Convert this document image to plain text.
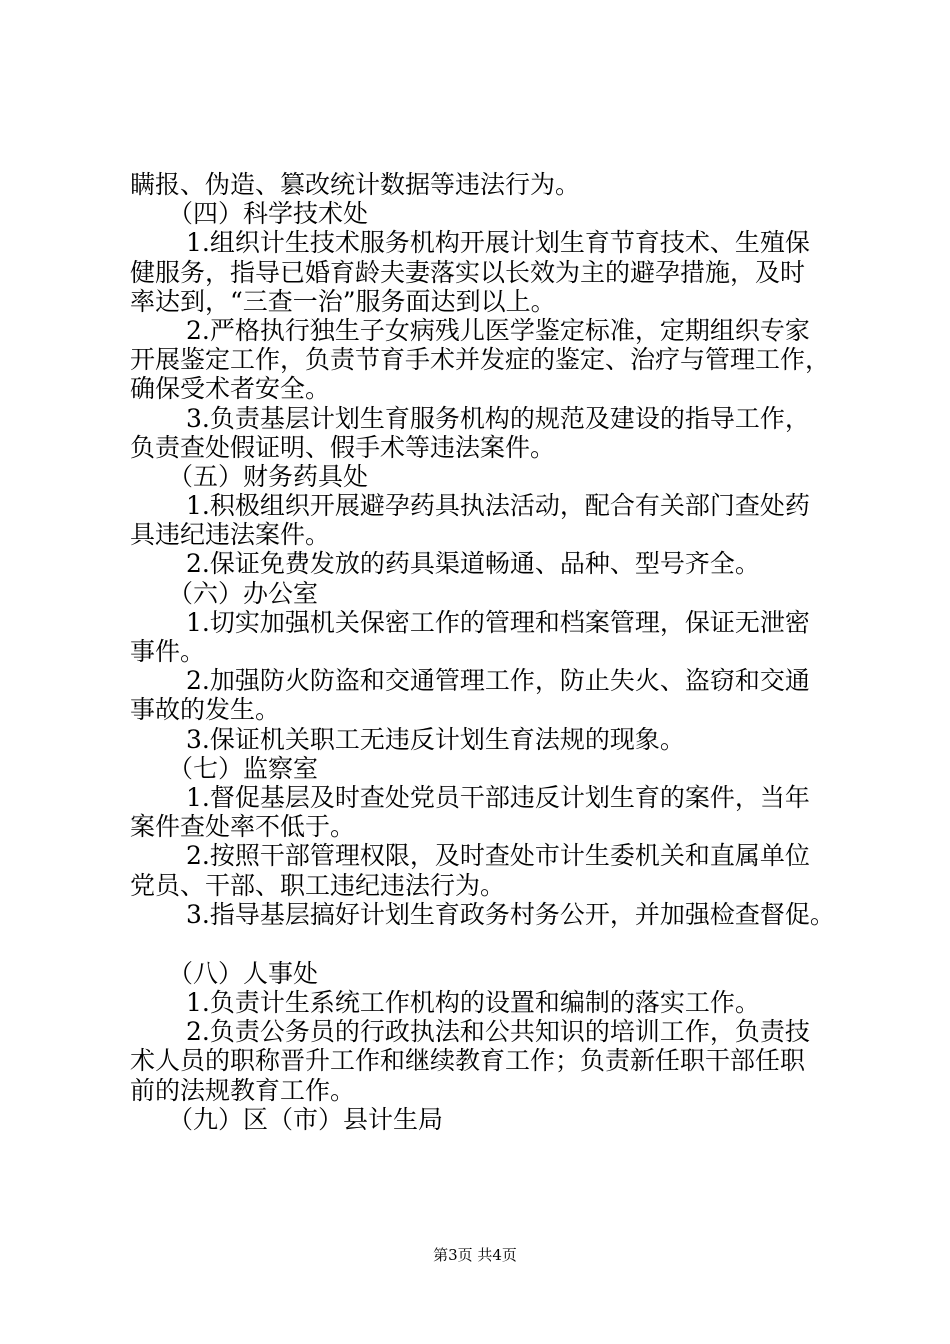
瞒报、伪造、篡改统计数据等违法行为。
（四）科学技术处
1.组织计生技术服务机构开展计划生育节育技术、生殖保
健服务，指导已婚育龄夫妻落实以长效为主的避孕措施，及时
率达到，“三查一治”服务面达到以上。
2.严格执行独生子女病残儿医学鉴定标准，定期组织专家
开展鉴定工作，负责节育手术并发症的鉴定、治疗与管理工作，
确保受术者安全。
3.负责基层计划生育服务机构的规范及建设的指导工作，
负责查处假证明、假手术等违法案件。
（五）财务药具处
1.积极组织开展避孕药具执法活动，配合有关部门查处药
具违纪违法案件。
2.保证免费发放的药具渠道畅通、品种、型号齐全。
（六）办公室
1.切实加强机关保密工作的管理和档案管理，保证无泄密
事件。
2.加强防火防盗和交通管理工作，防止失火、盗窃和交通
事故的发生。
3.保证机关职工无违反计划生育法规的现象。
（七）监察室
1.督促基层及时查处党员干部违反计划生育的案件，当年
案件查处率不低于。
2.按照干部管理权限，及时查处市计生委机关和直属单位
党员、干部、职工违纪违法行为。
3.指导基层搞好计划生育政务村务公开，并加强检查督促。
（八）人事处
1.负责计生系统工作机构的设置和编制的落实工作。
2.负责公务员的行政执法和公共知识的培训工作，负责技
术人员的职称晋升工作和继续教育工作；负责新任职干部任职
前的法规教育工作。
（九）区（市）县计生局
第3页 共4页
